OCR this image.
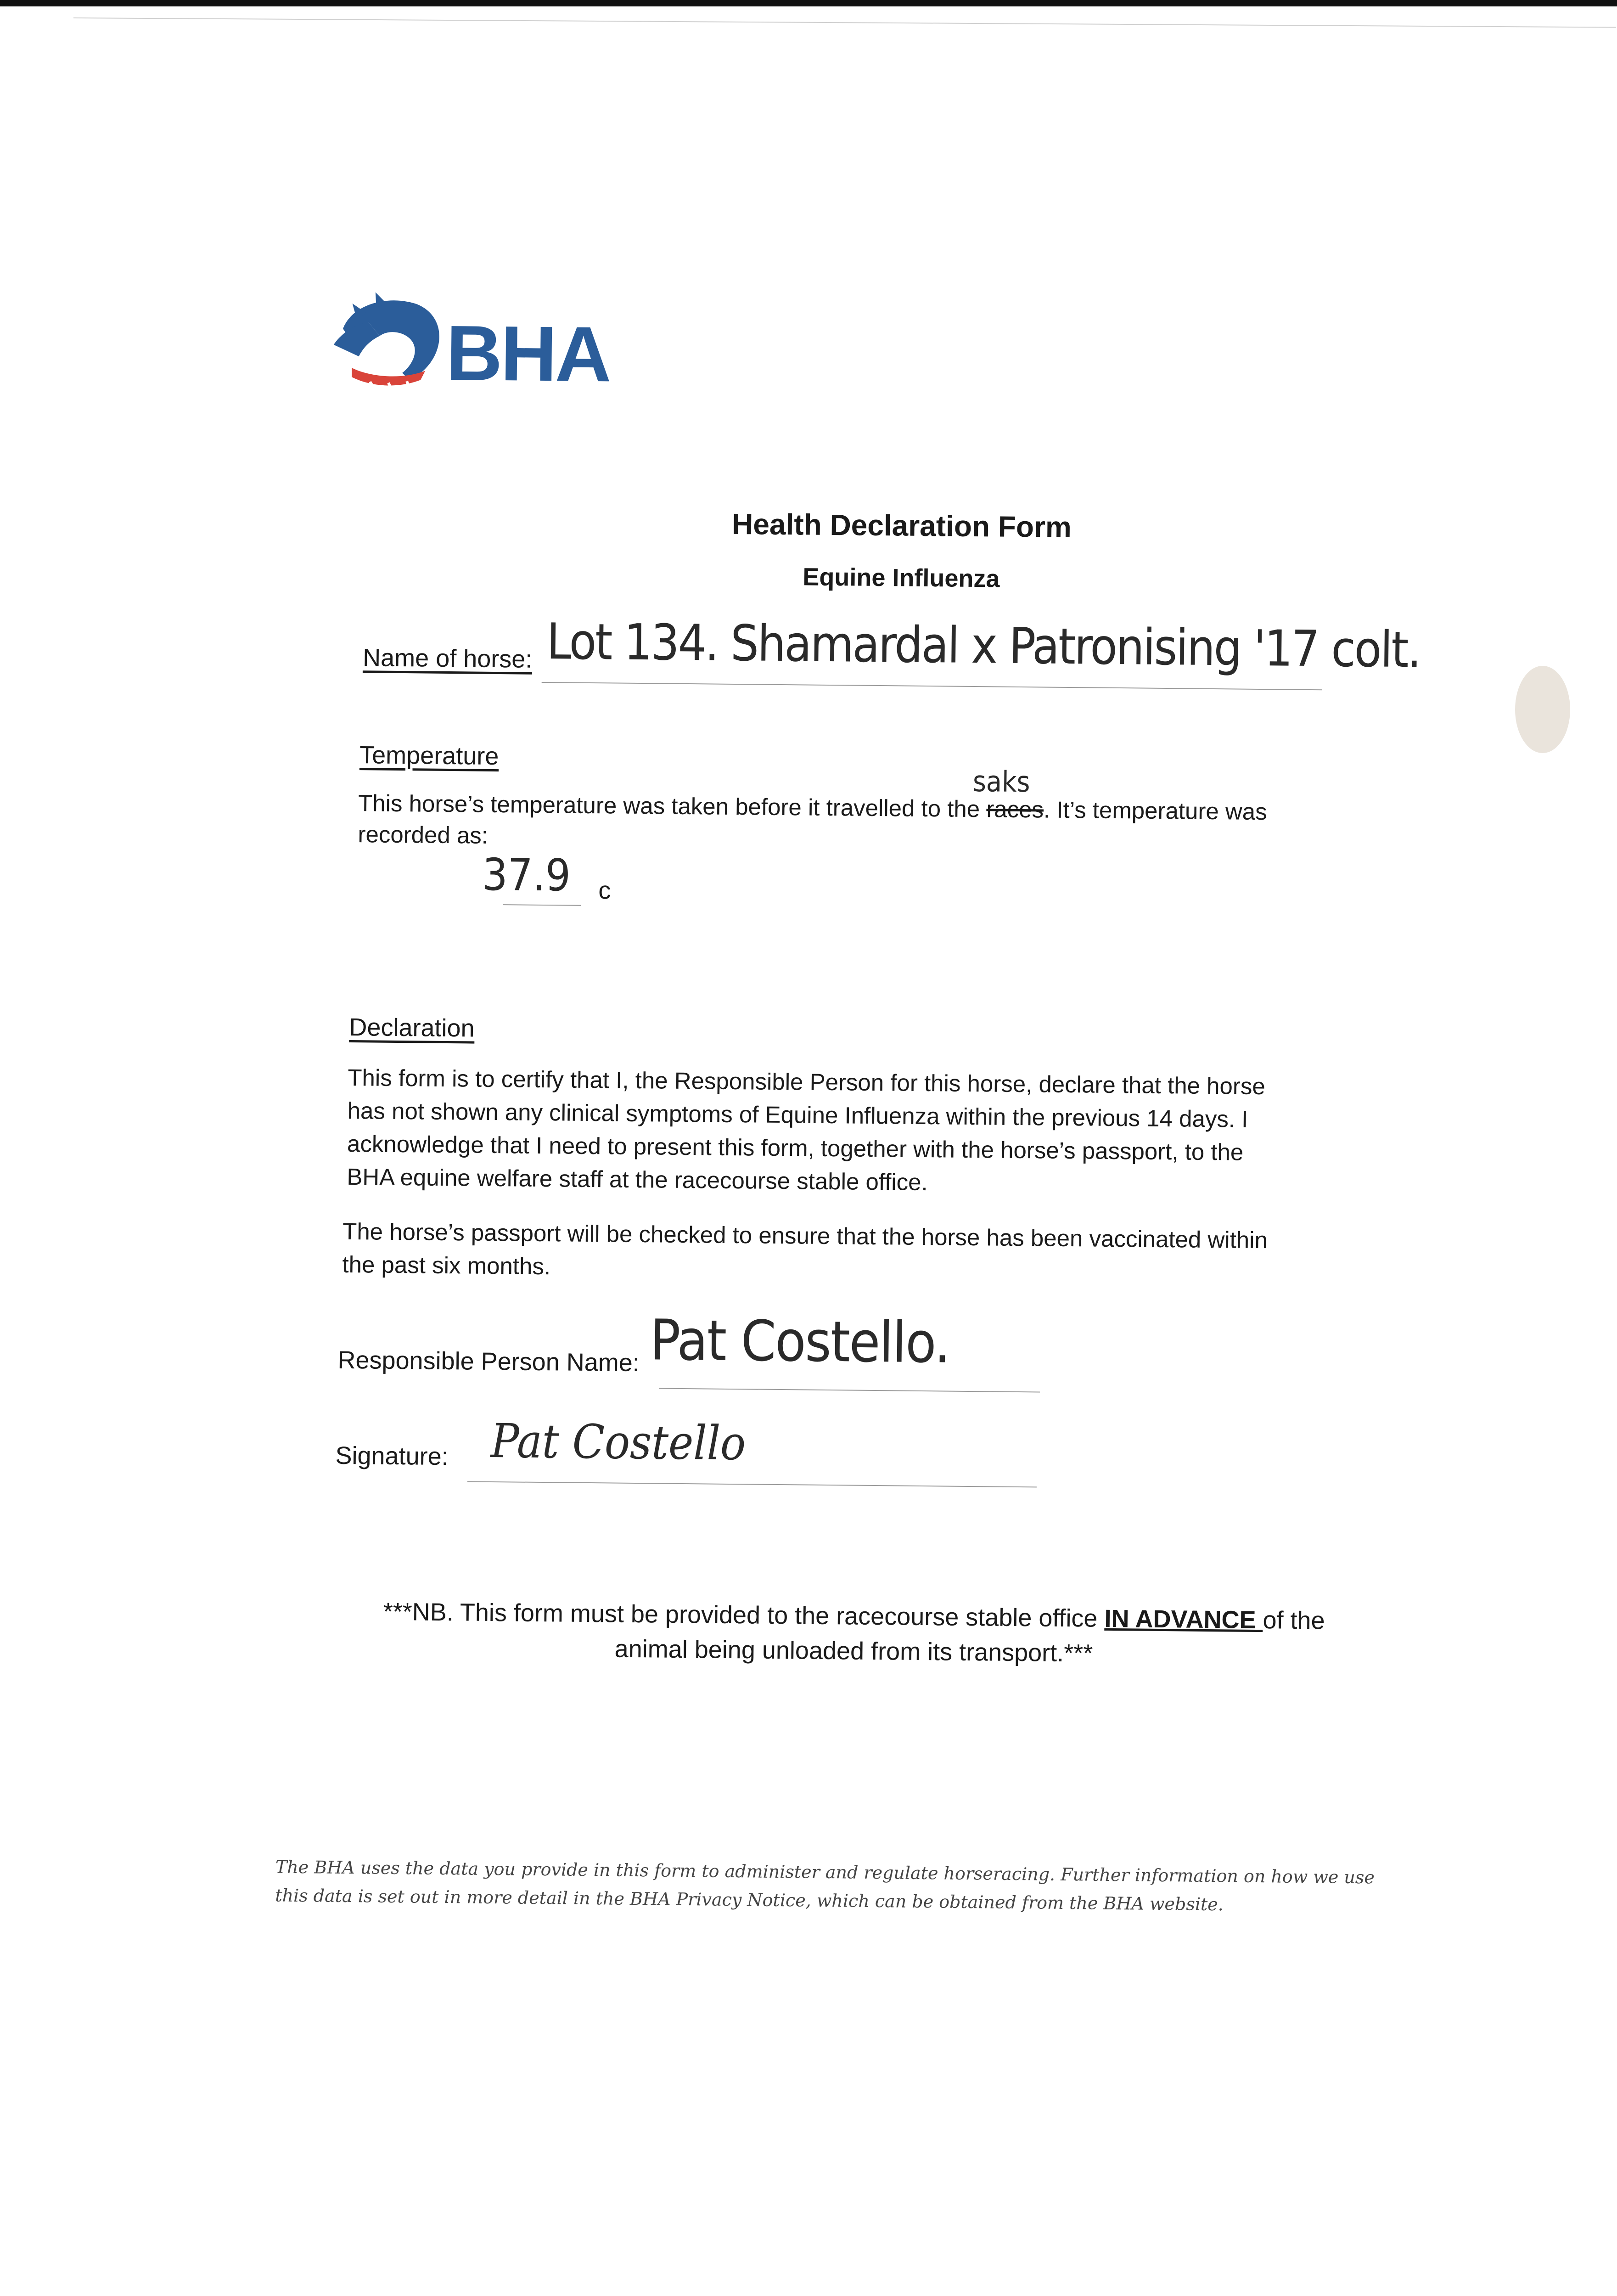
BHA
Health Declaration Form
Equine Influenza
Name of horse: Lot 134. Shamardal x Patronising '17 colt.
Temperature
This horse’s temperature was taken before it travelled to the races
saks
. It’s temperature was
recorded as:
37.9 c
Declaration
This form is to certify that I, the Responsible Person for this horse, declare that the horse
has not shown any clinical symptoms of Equine Influenza within the previous 14 days. I
acknowledge that I need to present this form, together with the horse’s passport, to the
BHA equine welfare staff at the racecourse stable office.
The horse’s passport will be checked to ensure that the horse has been vaccinated within
the past six months.
Responsible Person Name: Pat Costello.
Signature: Pat Costello
***NB. This form must be provided to the racecourse stable office IN ADVANCE of the
animal being unloaded from its transport.***
The BHA uses the data you provide in this form to administer and regulate horseracing. Further information on how we use
this data is set out in more detail in the BHA Privacy Notice, which can be obtained from the BHA website.
